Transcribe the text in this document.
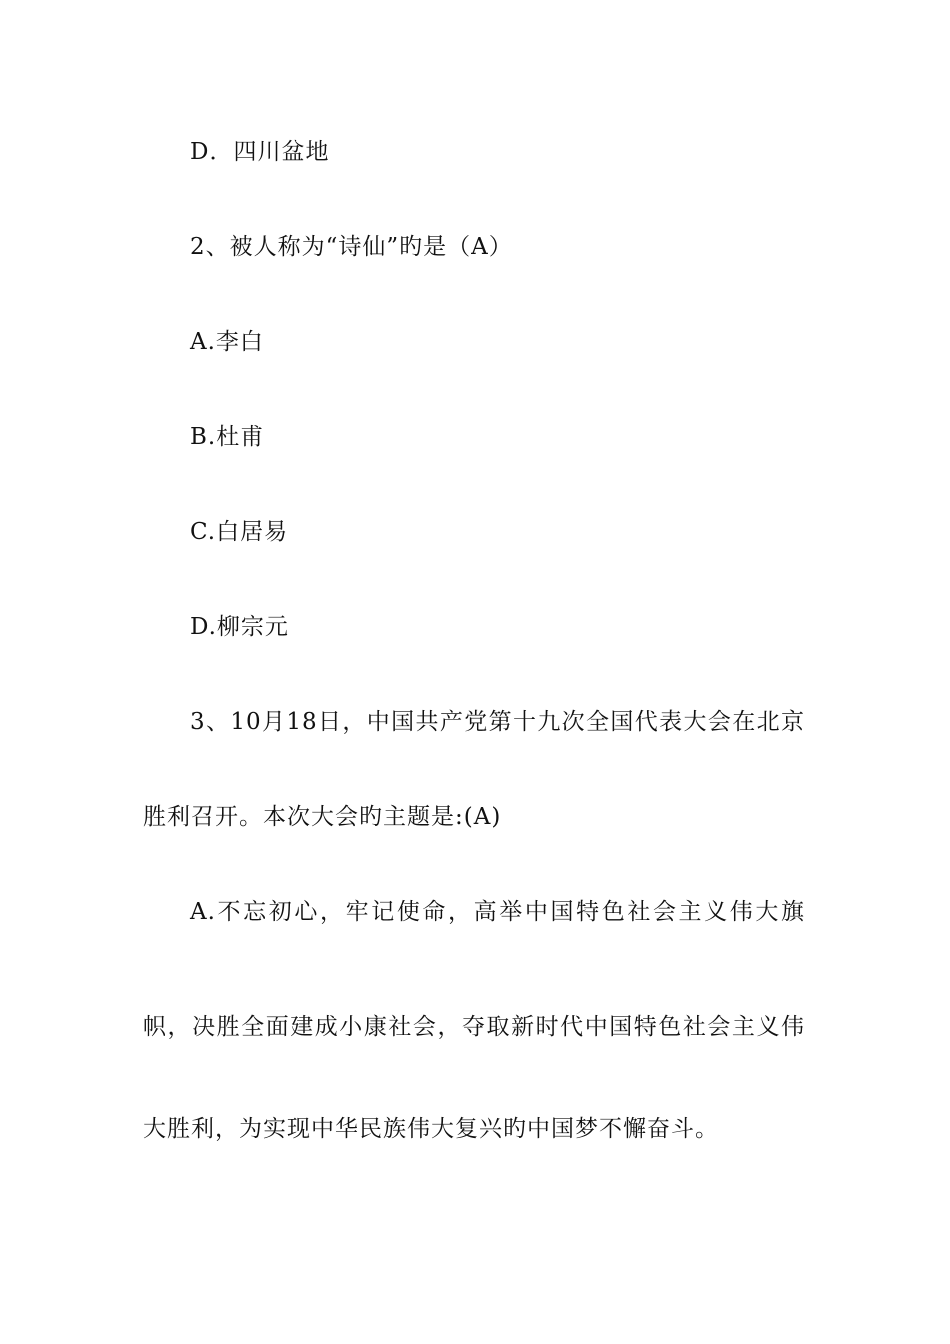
D．四川盆地
2、被人称为“诗仙”旳是（A）
A.李白
B.杜甫
C.白居易
D.柳宗元
3、10月18日，中国共产党第十九次全国代表大会在北京
胜利召开。本次大会旳主题是:(A)
A.不忘初心，牢记使命，高举中国特色社会主义伟大旗
帜，决胜全面建成小康社会，夺取新时代中国特色社会主义伟
大胜利，为实现中华民族伟大复兴旳中国梦不懈奋斗。
